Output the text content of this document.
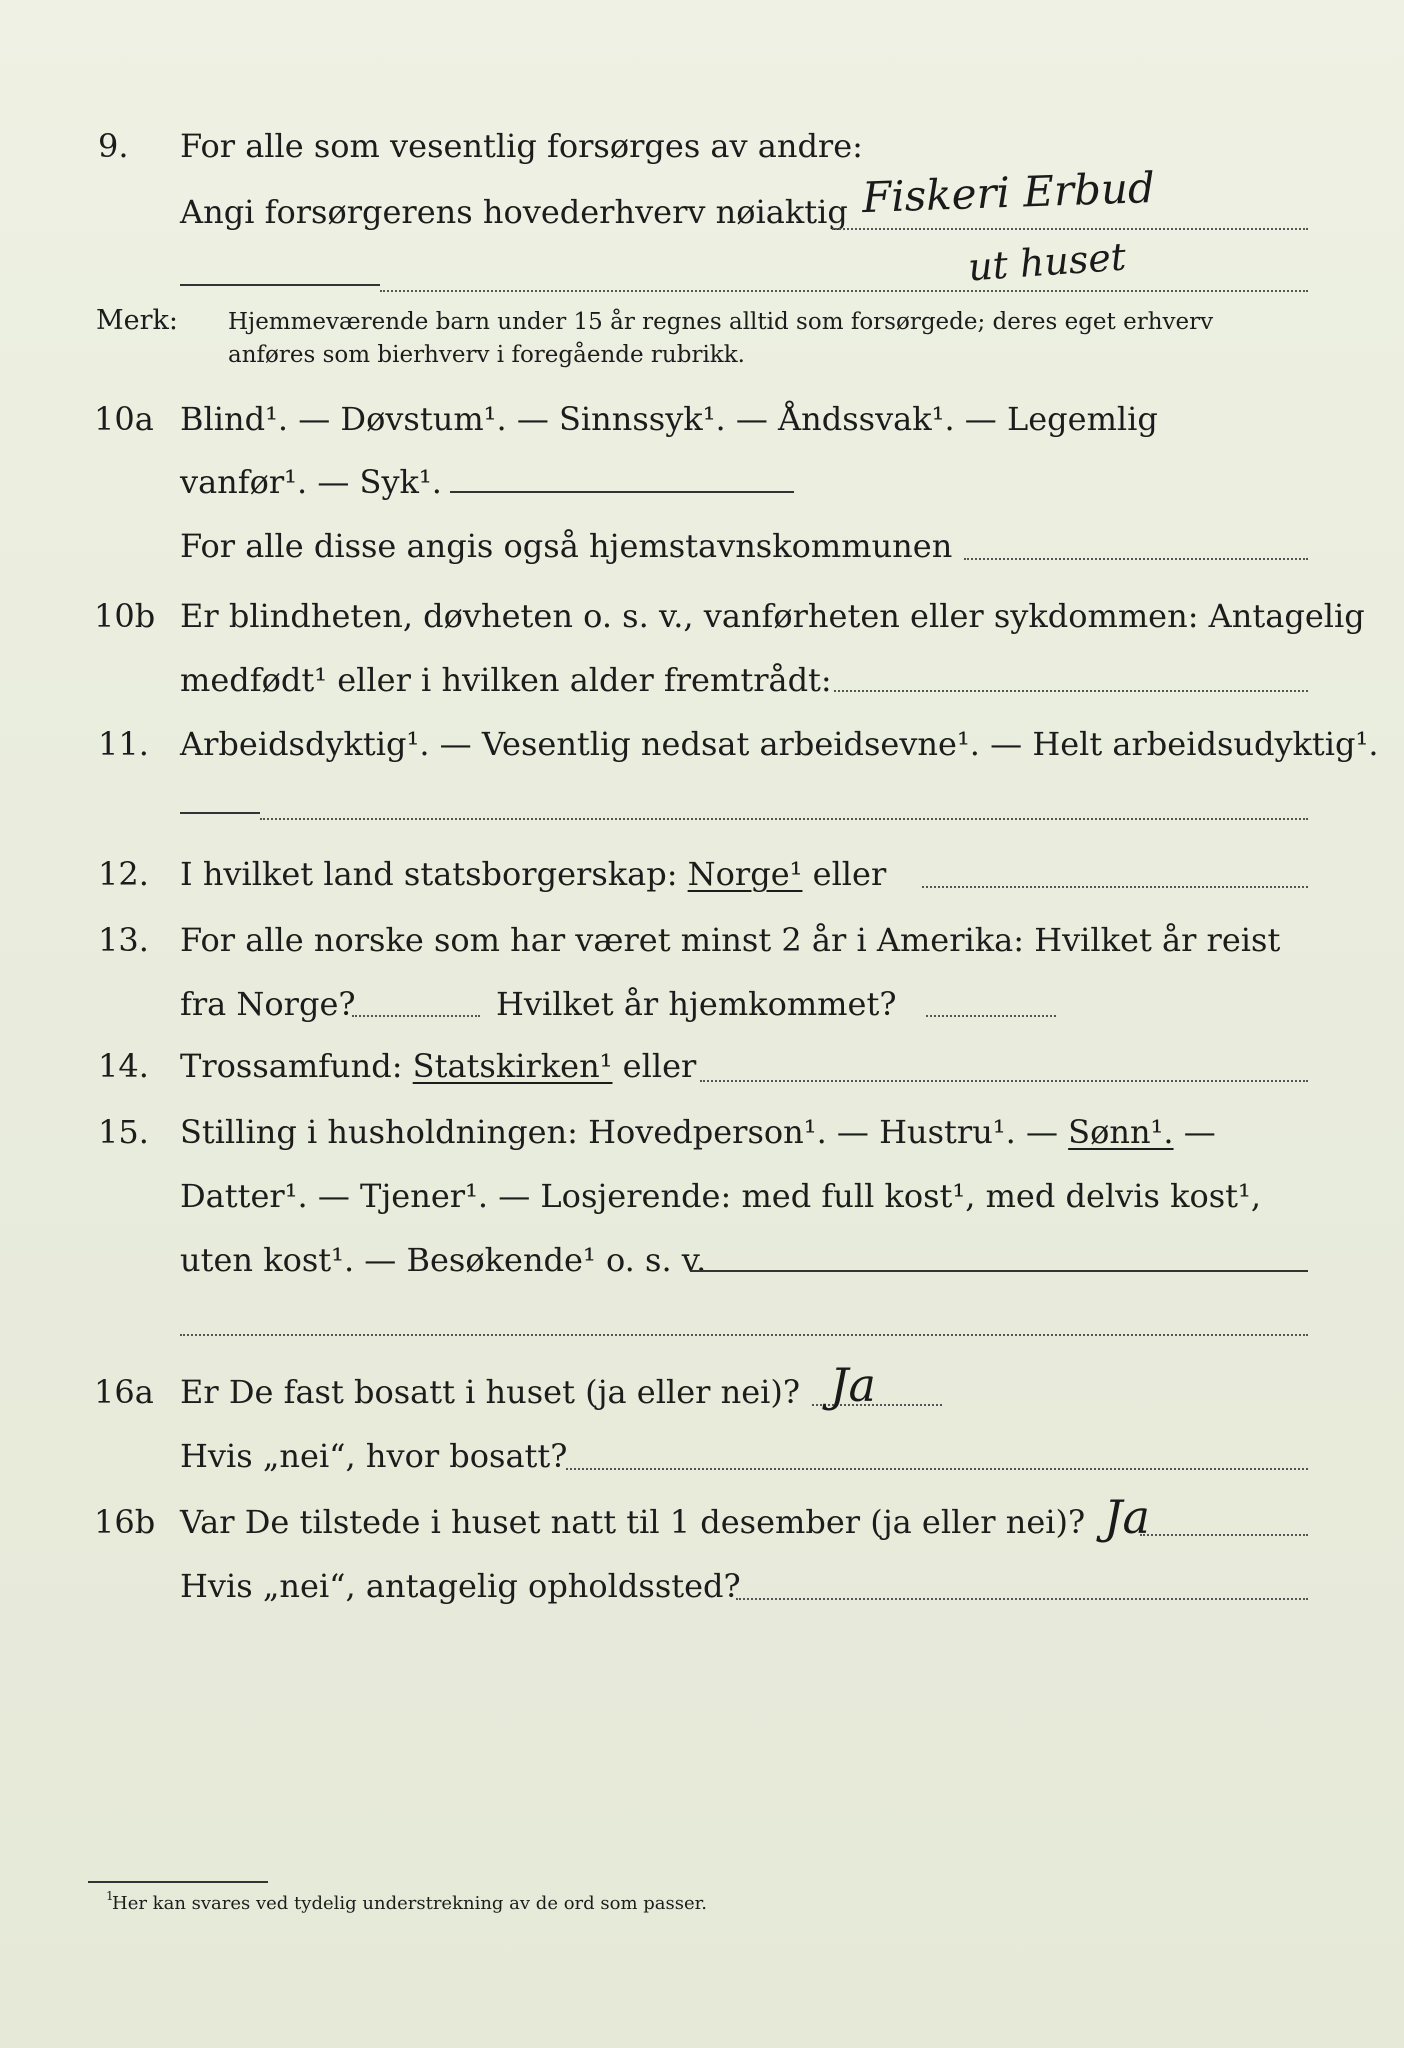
9. For alle som vesentlig forsørges av andre:
Angi forsørgerens hovederhverv nøiaktig Fiskeri Erbud
ut huset
Merk: Hjemmeværende barn under 15 år regnes alltid som forsørgede; deres eget erhverv
anføres som bierhverv i foregående rubrikk.
10a Blind¹. — Døvstum¹. — Sinnssyk¹. — Åndssvak¹. — Legemlig
vanfør¹. — Syk¹.
For alle disse angis også hjemstavnskommunen
10b Er blindheten, døvheten o. s. v., vanførheten eller sykdommen: Antagelig
medfødt¹ eller i hvilken alder fremtrådt:
11. Arbeidsdyktig¹. — Vesentlig nedsat arbeidsevne¹. — Helt arbeidsudyktig¹.
12. I hvilket land statsborgerskap: Norge¹ eller
13. For alle norske som har været minst 2 år i Amerika: Hvilket år reist
fra Norge?	Hvilket år hjemkommet?
14. Trossamfund: Statskirken¹ eller
15. Stilling i husholdningen: Hovedperson¹. — Hustru¹. — Sønn¹. —
Datter¹. — Tjener¹. — Losjerende: med full kost¹, med delvis kost¹,
uten kost¹. — Besøkende¹ o. s. v.
16a Er De fast bosatt i huset (ja eller nei)? Ja
Hvis „nei“, hvor bosatt?
16b Var De tilstede i huset natt til 1 desember (ja eller nei)? Ja
Hvis „nei“, antagelig opholdssted?
1
Her kan svares ved tydelig understrekning av de ord som passer.
